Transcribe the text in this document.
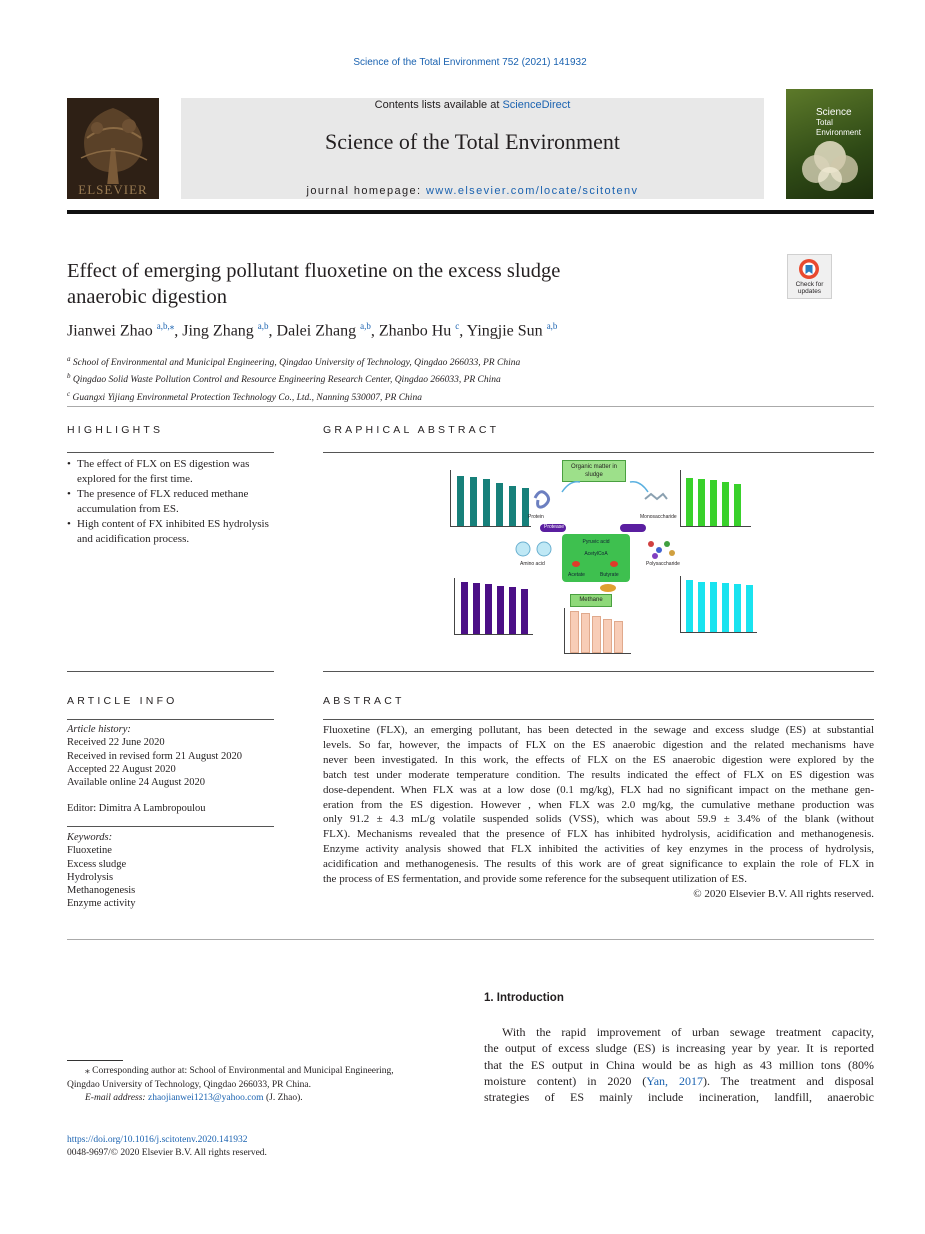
Science of the Total Environment 752 (2021) 141932
ELSEVIER
Contents lists available at ScienceDirect
Science of the Total Environment
journal homepage: www.elsevier.com/locate/scitotenv
Science
Total Environment
Effect of emerging pollutant fluoxetine on the excess sludge
anaerobic digestion
Check for
updates
Jianwei Zhao $^{a,b,⁎}$, Jing Zhang $^{a,b}$, Dalei Zhang $^{a,b}$, Zhanbo Hu $^c$, Yingjie Sun $^{a,b}$
$^a$ School of Environmental and Municipal Engineering, Qingdao University of Technology, Qingdao 266033, PR China
$^b$ Qingdao Solid Waste Pollution Control and Resource Engineering Research Center, Qingdao 266033, PR China
$^c$ Guangxi Yijiang Environmetal Protection Technology Co., Ltd., Nanning 530007, PR China
HIGHLIGHTS
• The effect of FLX on ES digestion was explored for the first time.
• The presence of FLX reduced methane accumulation from ES.
• High content of FX inhibited ES hydrolysis and acidification process.
GRAPHICAL ABSTRACT
Organic matter in sludge
Protein	Monosaccharide
Protease
Amino acid	Polysaccharide
Pyruvic acid
AcetylCoA
Acetate	Butyrate
Methane
ARTICLE INFO
Article history:
Received 22 June 2020
Received in revised form 21 August 2020
Accepted 22 August 2020
Available online 24 August 2020
Editor: Dimitra A Lambropoulou
Keywords:
Fluoxetine
Excess sludge
Hydrolysis
Methanogenesis
Enzyme activity
ABSTRACT
Fluoxetine (FLX), an emerging pollutant, has been detected in the sewage and excess sludge (ES) at substantial
levels. So far, however, the impacts of FLX on the ES anaerobic digestion and the related mechanisms have
never been investigated. In this work, the effects of FLX on the ES anaerobic digestion were explored by the
batch test under moderate temperature condition. The results indicated the effect of FLX on ES digestion was
dose-dependent. When FLX was at a low dose (0.1 mg/kg), FLX had no significant impact on the methane gen-
eration from the ES digestion. However , when FLX was 2.0 mg/kg, the cumulative methane production was
only 91.2 ± 4.3 mL/g volatile suspended solids (VSS), which was about 59.9 ± 3.4% of the blank (without
FLX). Mechanisms revealed that the presence of FLX has inhibited hydrolysis, acidification and methanogenesis.
Enzyme activity analysis showed that FLX inhibited the activities of key enzymes in the process of hydrolysis,
acidification and methanogenesis. The results of this work are of great significance to explain the role of FLX in
the process of ES fermentation, and provide some reference for the subsequent utilization of ES.
© 2020 Elsevier B.V. All rights reserved.
1. Introduction

With the rapid improvement of urban sewage treatment capacity,

the output of excess sludge (ES) is increasing year by year. It is reported

that the ES output in China would be as high as 43 million tons (80%

moisture content) in 2020 (Yan, 2017). The treatment and disposal

strategies of ES mainly include incineration, landfill, anaerobic

⁎ Corresponding author at: School of Environmental and Municipal Engineering,
Qingdao University of Technology, Qingdao 266033, PR China.
E-mail address: zhaojianwei1213@yahoo.com (J. Zhao).
https://doi.org/10.1016/j.scitotenv.2020.141932
0048-9697/© 2020 Elsevier B.V. All rights reserved.
